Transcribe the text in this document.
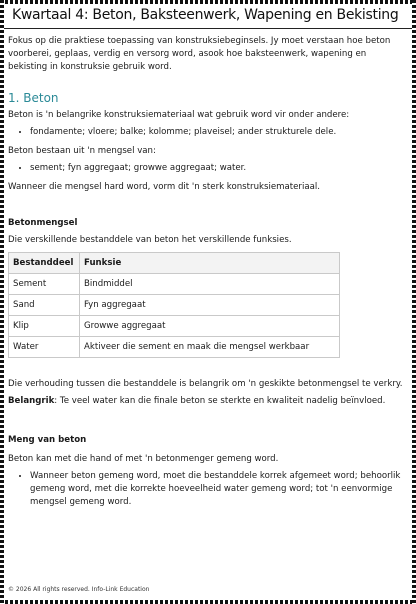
Kwartaal 4: Beton, Baksteenwerk, Wapening en Bekisting

Fokus op die praktiese toepassing van konstruksiebeginsels. Jy moet verstaan hoe beton voorberei, geplaas, verdig en versorg word, asook hoe baksteenwerk, wapening en bekisting in konstruksie gebruik word.

1. Beton

Beton is 'n belangrike konstruksiemateriaal wat gebruik word vir onder andere:

• fondamente; vloere; balke; kolomme; plaveisel; ander strukturele dele.

Beton bestaan uit 'n mengsel van:

• sement; fyn aggregaat; growwe aggregaat; water.

Wanneer die mengsel hard word, vorm dit 'n sterk konstruksiemateriaal.

Betonmengsel

Die verskillende bestanddele van beton het verskillende funksies.

Bestanddeel	Funksie
Sement	Bindmiddel
Sand	Fyn aggregaat
Klip	Growwe aggregaat
Water	Aktiveer die sement en maak die mengsel werkbaar

Die verhouding tussen die bestanddele is belangrik om 'n geskikte betonmengsel te verkry.

Belangrik: Te veel water kan die finale beton se sterkte en kwaliteit nadelig beïnvloed.

Meng van beton

Beton kan met die hand of met 'n betonmenger gemeng word.

• Wanneer beton gemeng word, moet die bestanddele korrek afgemeet word; behoorlik gemeng word, met die korrekte hoeveelheid water gemeng word; tot 'n eenvormige mengsel gemeng word.
© 2026 All rights reserved. Info-Link Education
